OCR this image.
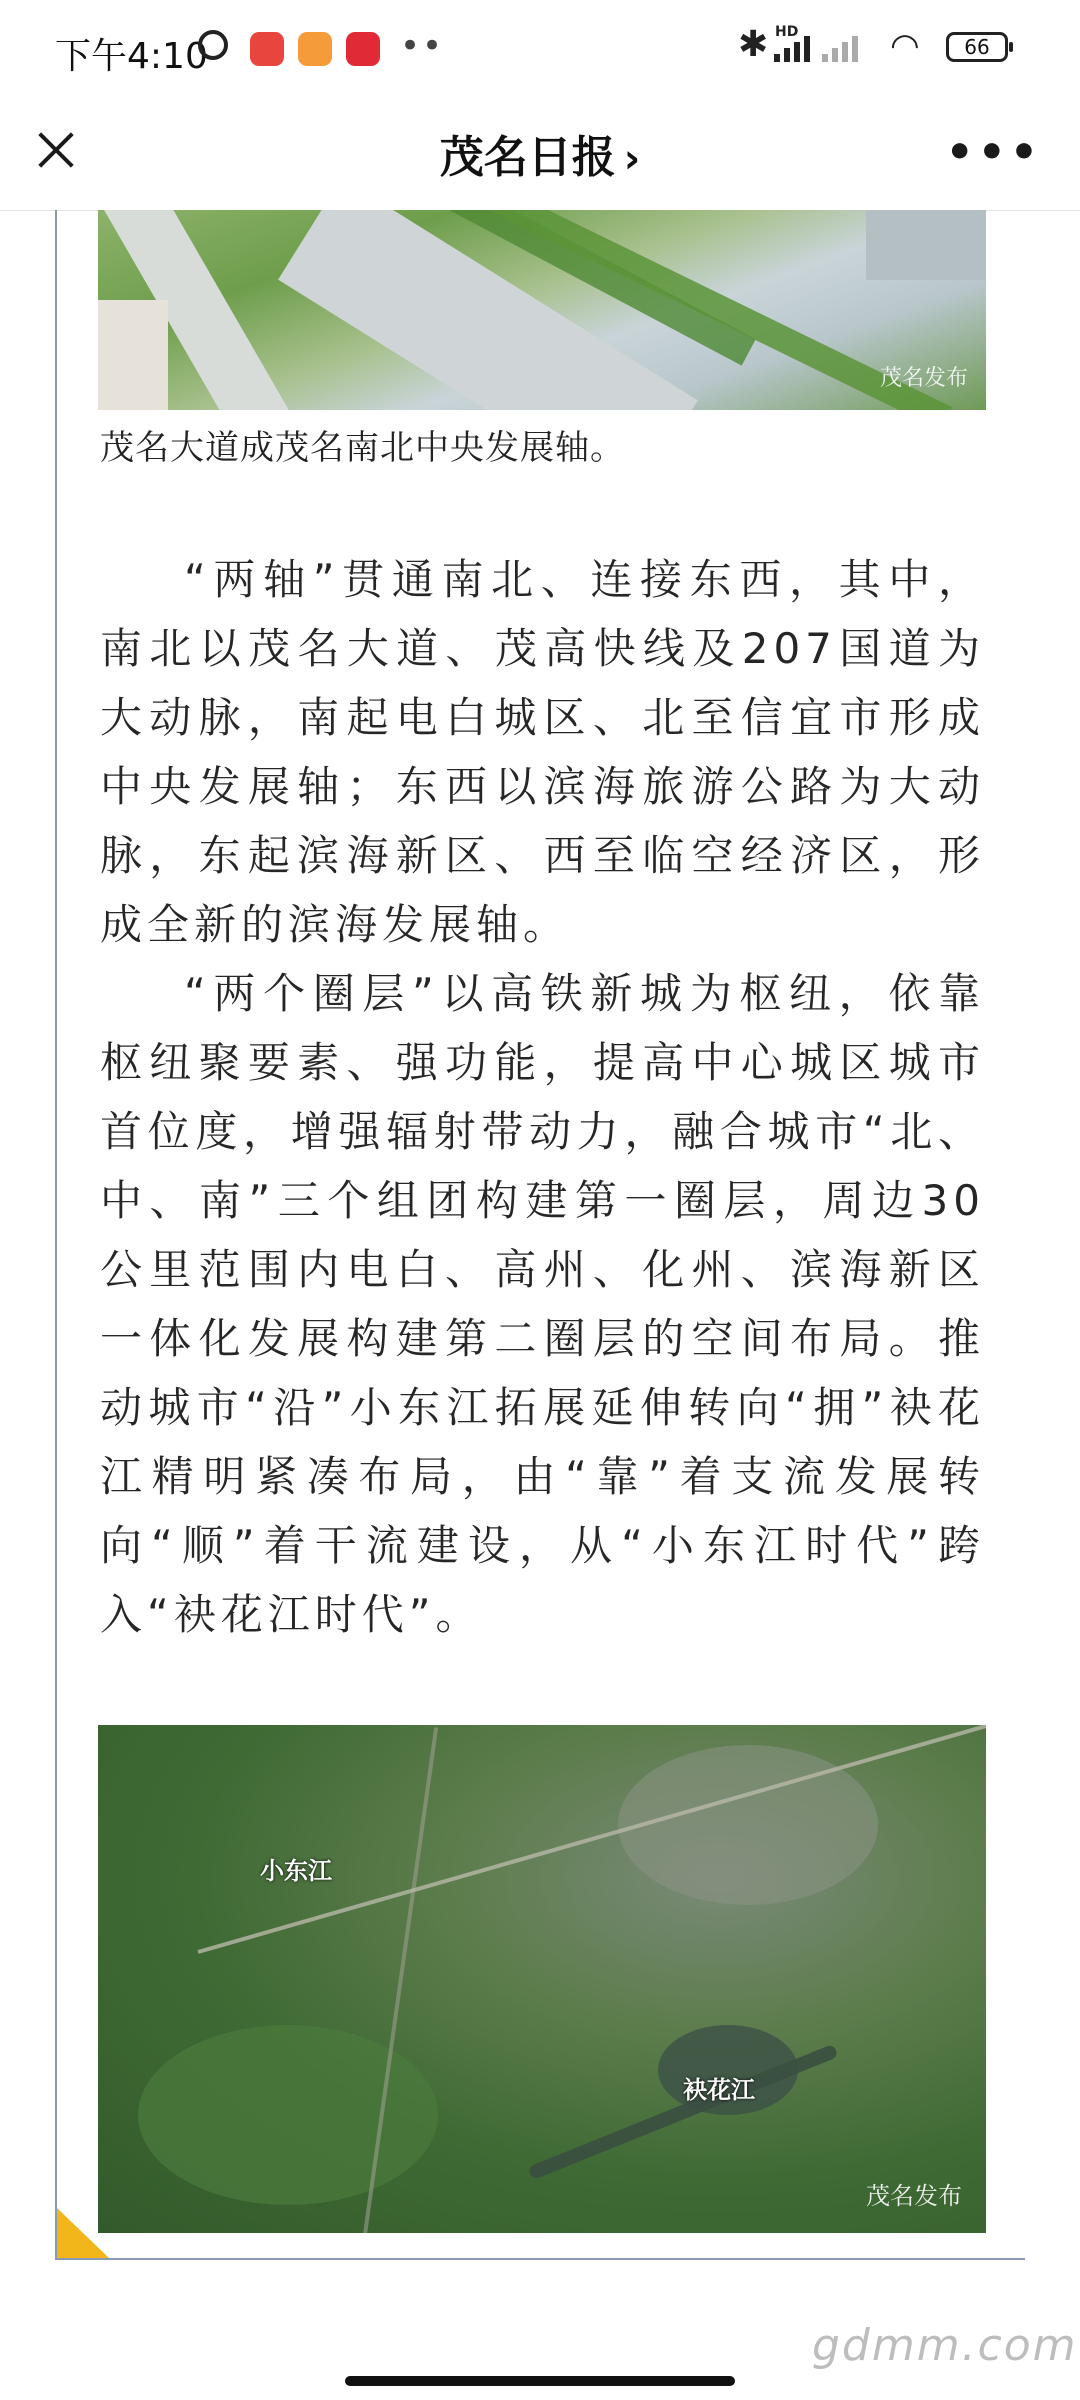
下午4:10	••	✱ HD	◠	66
茂名日报 ›	•••
茂名发布
茂名大道成茂名南北中央发展轴。

“两轴”贯通南北、连接东西，其中，南北以茂名大道、茂高快线及207国道为大动脉，南起电白城区、北至信宜市形成中央发展轴；东西以滨海旅游公路为大动脉，东起滨海新区、西至临空经济区，形成全新的滨海发展轴。

“两个圈层”以高铁新城为枢纽，依靠枢纽聚要素、强功能，提高中心城区城市首位度，增强辐射带动力，融合城市“北、中、南”三个组团构建第一圈层，周边30公里范围内电白、高州、化州、滨海新区一体化发展构建第二圈层的空间布局。推动城市“沿”小东江拓展延伸转向“拥”袂花江精明紧凑布局，由“靠”着支流发展转向“顺”着干流建设，从“小东江时代”跨入“袂花江时代”。

小东江
袂花江
茂名发布
gdmm.com
